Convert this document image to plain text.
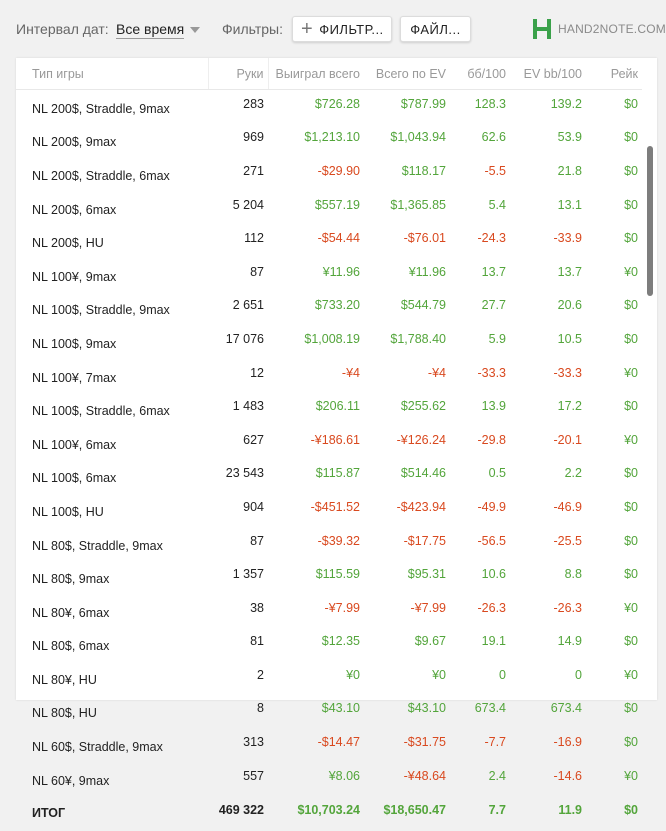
Интервал дат: Все время	Фильтры: + ФИЛЬТР... ФАЙЛ...	HAND2NOTE.COM
Тип игры	Руки	Выиграл всего	Всего по EV	бб/100	EV bb/100	Рейк
NL 200$, Straddle, 9max	283	$726.28	$787.99	128.3	139.2	$0
NL 200$, 9max	969	$1,213.10	$1,043.94	62.6	53.9	$0
NL 200$, Straddle, 6max	271	-$29.90	$118.17	-5.5	21.8	$0
NL 200$, 6max	5 204	$557.19	$1,365.85	5.4	13.1	$0
NL 200$, HU	112	-$54.44	-$76.01	-24.3	-33.9	$0
NL 100¥, 9max	87	¥11.96	¥11.96	13.7	13.7	¥0
NL 100$, Straddle, 9max	2 651	$733.20	$544.79	27.7	20.6	$0
NL 100$, 9max	17 076	$1,008.19	$1,788.40	5.9	10.5	$0
NL 100¥, 7max	12	-¥4	-¥4	-33.3	-33.3	¥0
NL 100$, Straddle, 6max	1 483	$206.11	$255.62	13.9	17.2	$0
NL 100¥, 6max	627	-¥186.61	-¥126.24	-29.8	-20.1	¥0
NL 100$, 6max	23 543	$115.87	$514.46	0.5	2.2	$0
NL 100$, HU	904	-$451.52	-$423.94	-49.9	-46.9	$0
NL 80$, Straddle, 9max	87	-$39.32	-$17.75	-56.5	-25.5	$0
NL 80$, 9max	1 357	$115.59	$95.31	10.6	8.8	$0
NL 80¥, 6max	38	-¥7.99	-¥7.99	-26.3	-26.3	¥0
NL 80$, 6max	81	$12.35	$9.67	19.1	14.9	$0
NL 80¥, HU	2	¥0	¥0	0	0	¥0
NL 80$, HU	8	$43.10	$43.10	673.4	673.4	$0
NL 60$, Straddle, 9max	313	-$14.47	-$31.75	-7.7	-16.9	$0
NL 60¥, 9max	557	¥8.06	-¥48.64	2.4	-14.6	¥0
ИТОГ	469 322	$10,703.24	$18,650.47	7.7	11.9	$0
